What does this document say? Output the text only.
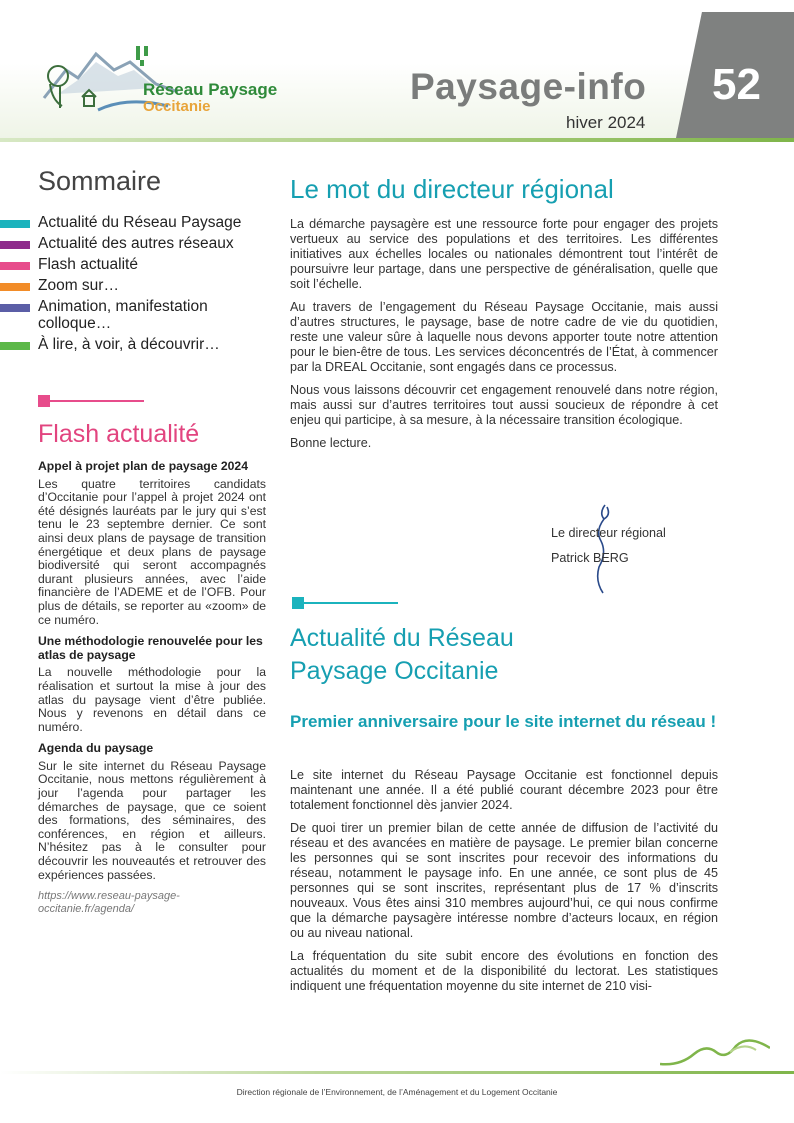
Réseau Paysage
Occitanie	Paysage-info
hiver 2024
52
Sommaire
Actualité du Réseau Paysage
Actualité des autres réseaux
Flash actualité
Zoom sur…
Animation, manifestation colloque…
À lire, à voir, à découvrir…
Flash actualité
Appel à projet plan de paysage 2024

Les quatre territoires candidats d’Occitanie pour l’appel à projet 2024 ont été désignés lauréats par le jury qui s’est tenu le 23 septembre dernier. Ce sont ainsi deux plans de paysage de transition énergétique et deux plans de paysage biodiversité qui seront accompagnés durant plusieurs années, avec l’aide financière de l’ADEME et de l’OFB. Pour plus de détails, se reporter au «zoom» de ce numéro.

Une méthodologie renouvelée pour les atlas de paysage

La nouvelle méthodologie pour la réalisation et surtout la mise à jour des atlas du paysage vient d’être publiée. Nous y revenons en détail dans ce numéro.

Agenda du paysage

Sur le site internet du Réseau Paysage Occitanie, nous mettons régulièrement à jour l’agenda pour partager les démarches de paysage, que ce soient des formations, des séminaires, des conférences, en région et ailleurs. N’hésitez pas à le consulter pour découvrir les nouveautés et retrouver des expériences passées.

https://www.reseau-paysage-occitanie.fr/agenda/

Le mot du directeur régional

La démarche paysagère est une ressource forte pour engager des projets vertueux au service des populations et des territoires. Les différentes initiatives aux échelles locales ou nationales démontrent tout l’intérêt de poursuivre leur partage, dans une perspective de généralisation, quelle que soit l’échelle.

Au travers de l’engagement du Réseau Paysage Occitanie, mais aussi d’autres structures, le paysage, base de notre cadre de vie du quotidien, reste une valeur sûre à laquelle nous devons apporter toute notre attention pour le bien-être de tous. Les services déconcentrés de l’État, à commencer par la DREAL Occitanie, sont engagés dans ce processus.

Nous vous laissons découvrir cet engagement renouvelé dans notre région, mais aussi sur d’autres territoires tout aussi soucieux de répondre à cet enjeu qui participe, à sa mesure, à la nécessaire transition écologique.

Bonne lecture.

Le directeur régional
Patrick BERG
Actualité du Réseau
Paysage Occitanie
Premier anniversaire pour le site internet du réseau !

Le site internet du Réseau Paysage Occitanie est fonctionnel depuis maintenant une année. Il a été publié courant décembre 2023 pour être totalement fonctionnel dès janvier 2024.

De quoi tirer un premier bilan de cette année de diffusion de l’activité du réseau et des avancées en matière de paysage. Le premier bilan concerne les personnes qui se sont inscrites pour recevoir des informations du réseau, notamment le paysage info. En une année, ce sont plus de 45 personnes qui se sont inscrites, représentant plus de 17 % d’inscrits nouveaux. Vous êtes ainsi 310 membres aujourd’hui, ce qui nous confirme que la démarche paysagère intéresse nombre d’acteurs locaux, en région ou au niveau national.

La fréquentation du site subit encore des évolutions en fonction des actualités du moment et de la disponibilité du lectorat. Les statistiques indiquent une fréquentation moyenne du site internet de 210 visi-

Direction régionale de l’Environnement, de l’Aménagement et du Logement Occitanie
